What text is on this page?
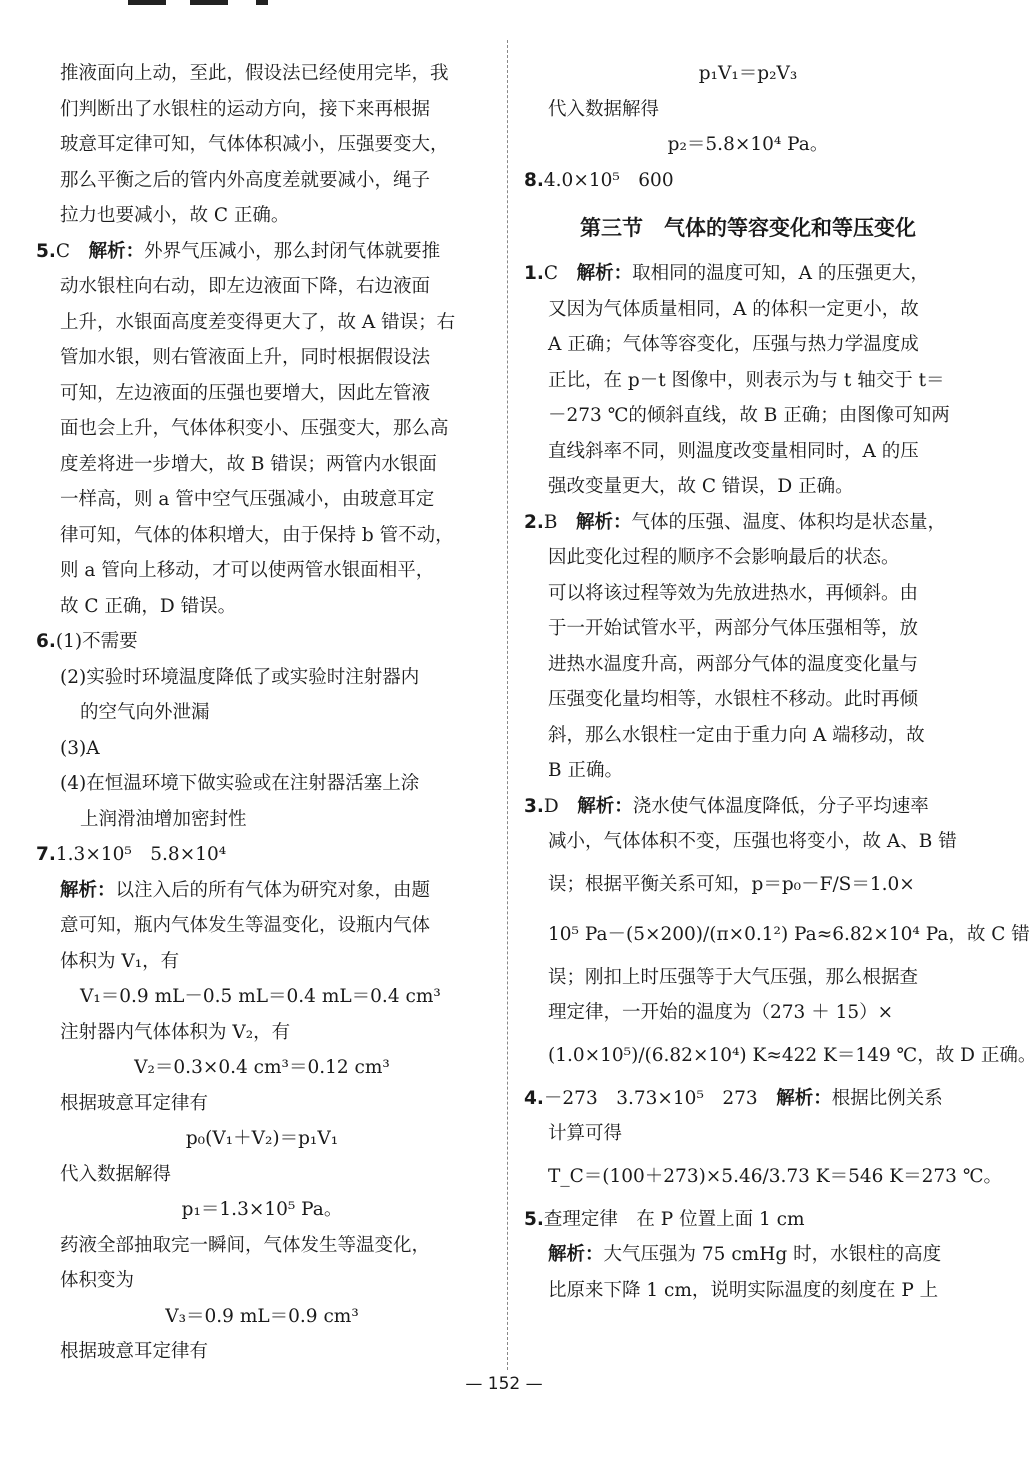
推液面向上动，至此，假设法已经使用完毕，我
们判断出了水银柱的运动方向，接下来再根据
玻意耳定律可知，气体体积减小，压强要变大，
那么平衡之后的管内外高度差就要减小，绳子
拉力也要减小，故 C 正确。
5.C　 解析：外界气压减小，那么封闭气体就要推
动水银柱向右动，即左边液面下降，右边液面
上升，水银面高度差变得更大了，故 A 错误；右
管加水银，则右管液面上升，同时根据假设法
可知，左边液面的压强也要增大，因此左管液
面也会上升，气体体积变小、压强变大，那么高
度差将进一步增大，故 B 错误；两管内水银面
一样高，则 a 管中空气压强减小，由玻意耳定
律可知，气体的体积增大，由于保持 b 管不动，
则 a 管向上移动，才可以使两管水银面相平，
故 C 正确，D 错误。
6.(1)不需要
(2)实验时环境温度降低了或实验时注射器内
的空气向外泄漏
(3)A
(4)在恒温环境下做实验或在注射器活塞上涂
上润滑油增加密封性
7.1.3×10⁵　5.8×10⁴
解析：以注入后的所有气体为研究对象，由题
意可知，瓶内气体发生等温变化，设瓶内气体
体积为 V₁，有
V₁＝0.9 mL－0.5 mL＝0.4 mL＝0.4 cm³
注射器内气体体积为 V₂，有
V₂＝0.3×0.4 cm³＝0.12 cm³
根据玻意耳定律有
p₀(V₁＋V₂)＝p₁V₁
代入数据解得
p₁＝1.3×10⁵ Pa。
药液全部抽取完一瞬间，气体发生等温变化，
体积变为
V₃＝0.9 mL＝0.9 cm³
根据玻意耳定律有
p₁V₁＝p₂V₃
代入数据解得
p₂＝5.8×10⁴ Pa。
8.4.0×10⁵　600
第三节　气体的等容变化和等压变化
1.C　 解析：取相同的温度可知，A 的压强更大，
又因为气体质量相同，A 的体积一定更小，故
A 正确；气体等容变化，压强与热力学温度成
正比，在 p－t 图像中，则表示为与 t 轴交于 t＝
－273 ℃的倾斜直线，故 B 正确；由图像可知两
直线斜率不同，则温度改变量相同时，A 的压
强改变量更大，故 C 错误，D 正确。
2.B　 解析：气体的压强、温度、体积均是状态量，
因此变化过程的顺序不会影响最后的状态。
可以将该过程等效为先放进热水，再倾斜。由
于一开始试管水平，两部分气体压强相等，放
进热水温度升高，两部分气体的温度变化量与
压强变化量均相等，水银柱不移动。此时再倾
斜，那么水银柱一定由于重力向 A 端移动，故
B 正确。
3.D　 解析：浇水使气体温度降低，分子平均速率
减小，气体体积不变，压强也将变小，故 A、B 错
误；根据平衡关系可知，p＝p₀－F/S＝1.0×
10⁵ Pa－(5×200)/(π×0.1²) Pa≈6.82×10⁴ Pa，故 C 错
误；刚扣上时压强等于大气压强，那么根据查
理定律，一开始的温度为（273 ＋ 15）×
(1.0×10⁵)/(6.82×10⁴) K≈422 K＝149 ℃，故 D 正确。
4.－273　3.73×10⁵　273　 解析：根据比例关系
计算可得
T_C＝(100＋273)×5.46/3.73 K＝546 K＝273 ℃。
5.查理定律　在 P 位置上面 1 cm
解析：大气压强为 75 cmHg 时，水银柱的高度
比原来下降 1 cm，说明实际温度的刻度在 P 上
— 152 —
